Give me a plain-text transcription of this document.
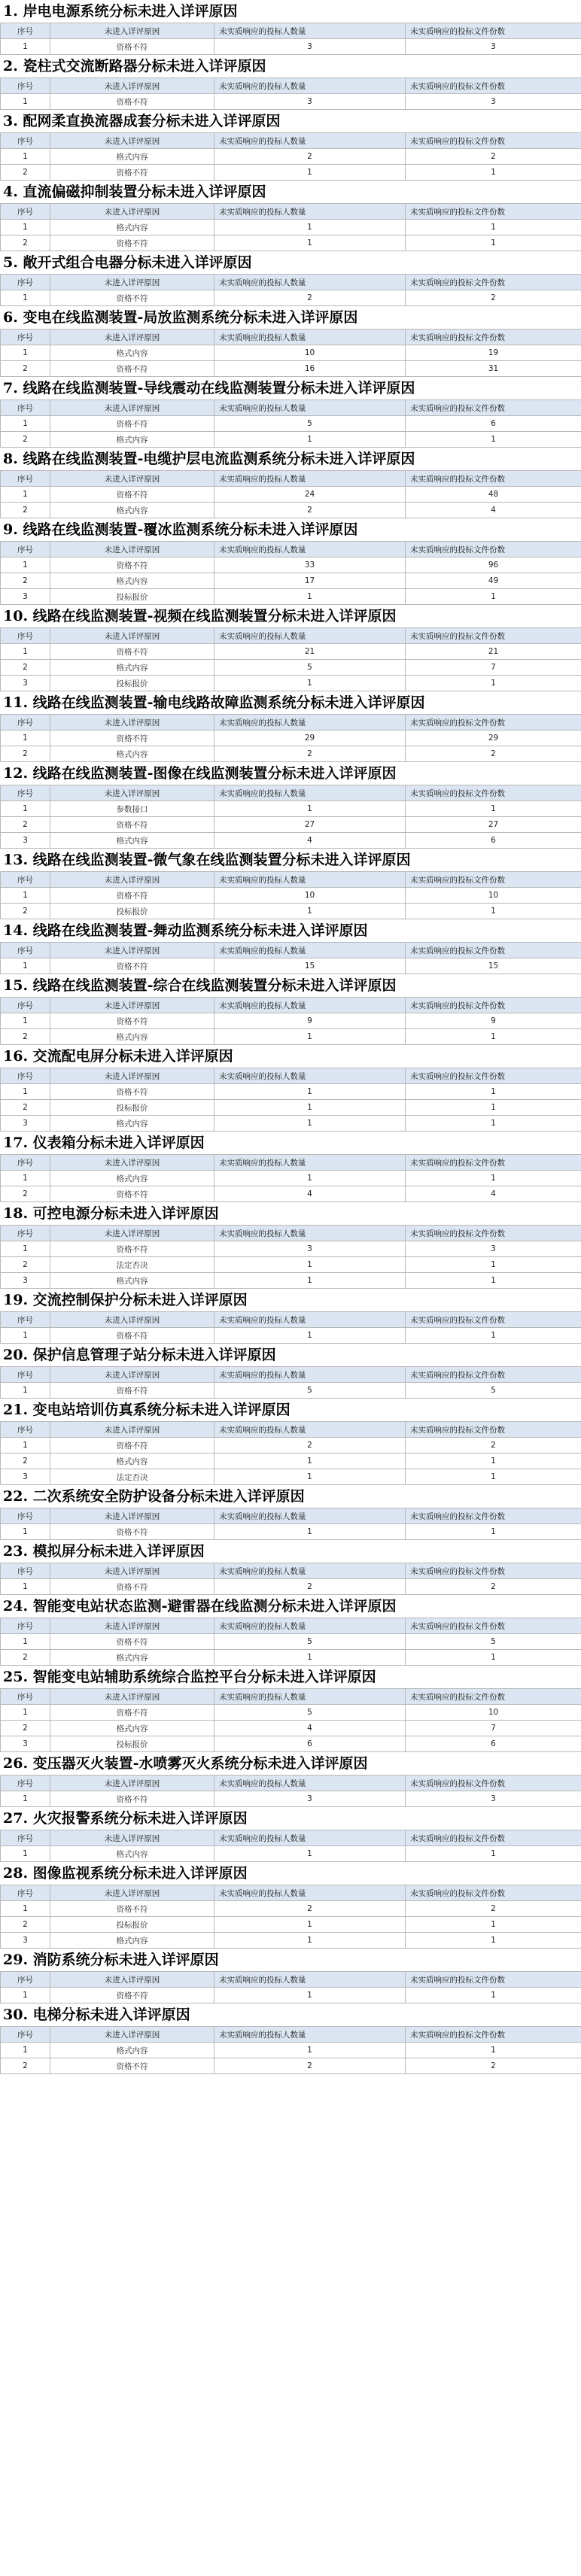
1. 岸电电源系统分标未进入详评原因
序号	未进入详评原因	未实质响应的投标人数量	未实质响应的投标文件份数
1	资格不符	3	3
2. 瓷柱式交流断路器分标未进入详评原因
序号	未进入详评原因	未实质响应的投标人数量	未实质响应的投标文件份数
1	资格不符	3	3
3. 配网柔直换流器成套分标未进入详评原因
序号	未进入详评原因	未实质响应的投标人数量	未实质响应的投标文件份数
1	格式内容	2	2
2	资格不符	1	1
4. 直流偏磁抑制装置分标未进入详评原因
序号	未进入详评原因	未实质响应的投标人数量	未实质响应的投标文件份数
1	格式内容	1	1
2	资格不符	1	1
5. 敞开式组合电器分标未进入详评原因
序号	未进入详评原因	未实质响应的投标人数量	未实质响应的投标文件份数
1	资格不符	2	2
6. 变电在线监测装置-局放监测系统分标未进入详评原因
序号	未进入详评原因	未实质响应的投标人数量	未实质响应的投标文件份数
1	格式内容	10	19
2	资格不符	16	31
7. 线路在线监测装置-导线震动在线监测装置分标未进入详评原因
序号	未进入详评原因	未实质响应的投标人数量	未实质响应的投标文件份数
1	资格不符	5	6
2	格式内容	1	1
8. 线路在线监测装置-电缆护层电流监测系统分标未进入详评原因
序号	未进入详评原因	未实质响应的投标人数量	未实质响应的投标文件份数
1	资格不符	24	48
2	格式内容	2	4
9. 线路在线监测装置-覆冰监测系统分标未进入详评原因
序号	未进入详评原因	未实质响应的投标人数量	未实质响应的投标文件份数
1	资格不符	33	96
2	格式内容	17	49
3	投标报价	1	1
10. 线路在线监测装置-视频在线监测装置分标未进入详评原因
序号	未进入详评原因	未实质响应的投标人数量	未实质响应的投标文件份数
1	资格不符	21	21
2	格式内容	5	7
3	投标报价	1	1
11. 线路在线监测装置-输电线路故障监测系统分标未进入详评原因
序号	未进入详评原因	未实质响应的投标人数量	未实质响应的投标文件份数
1	资格不符	29	29
2	格式内容	2	2
12. 线路在线监测装置-图像在线监测装置分标未进入详评原因
序号	未进入详评原因	未实质响应的投标人数量	未实质响应的投标文件份数
1	参数接口	1	1
2	资格不符	27	27
3	格式内容	4	6
13. 线路在线监测装置-微气象在线监测装置分标未进入详评原因
序号	未进入详评原因	未实质响应的投标人数量	未实质响应的投标文件份数
1	资格不符	10	10
2	投标报价	1	1
14. 线路在线监测装置-舞动监测系统分标未进入详评原因
序号	未进入详评原因	未实质响应的投标人数量	未实质响应的投标文件份数
1	资格不符	15	15
15. 线路在线监测装置-综合在线监测装置分标未进入详评原因
序号	未进入详评原因	未实质响应的投标人数量	未实质响应的投标文件份数
1	资格不符	9	9
2	格式内容	1	1
16. 交流配电屏分标未进入详评原因
序号	未进入详评原因	未实质响应的投标人数量	未实质响应的投标文件份数
1	资格不符	1	1
2	投标报价	1	1
3	格式内容	1	1
17. 仪表箱分标未进入详评原因
序号	未进入详评原因	未实质响应的投标人数量	未实质响应的投标文件份数
1	格式内容	1	1
2	资格不符	4	4
18. 可控电源分标未进入详评原因
序号	未进入详评原因	未实质响应的投标人数量	未实质响应的投标文件份数
1	资格不符	3	3
2	法定否决	1	1
3	格式内容	1	1
19. 交流控制保护分标未进入详评原因
序号	未进入详评原因	未实质响应的投标人数量	未实质响应的投标文件份数
1	资格不符	1	1
20. 保护信息管理子站分标未进入详评原因
序号	未进入详评原因	未实质响应的投标人数量	未实质响应的投标文件份数
1	资格不符	5	5
21. 变电站培训仿真系统分标未进入详评原因
序号	未进入详评原因	未实质响应的投标人数量	未实质响应的投标文件份数
1	资格不符	2	2
2	格式内容	1	1
3	法定否决	1	1
22. 二次系统安全防护设备分标未进入详评原因
序号	未进入详评原因	未实质响应的投标人数量	未实质响应的投标文件份数
1	资格不符	1	1
23. 模拟屏分标未进入详评原因
序号	未进入详评原因	未实质响应的投标人数量	未实质响应的投标文件份数
1	资格不符	2	2
24. 智能变电站状态监测-避雷器在线监测分标未进入详评原因
序号	未进入详评原因	未实质响应的投标人数量	未实质响应的投标文件份数
1	资格不符	5	5
2	格式内容	1	1
25. 智能变电站辅助系统综合监控平台分标未进入详评原因
序号	未进入详评原因	未实质响应的投标人数量	未实质响应的投标文件份数
1	资格不符	5	10
2	格式内容	4	7
3	投标报价	6	6
26. 变压器灭火装置-水喷雾灭火系统分标未进入详评原因
序号	未进入详评原因	未实质响应的投标人数量	未实质响应的投标文件份数
1	资格不符	3	3
27. 火灾报警系统分标未进入详评原因
序号	未进入详评原因	未实质响应的投标人数量	未实质响应的投标文件份数
1	格式内容	1	1
28. 图像监视系统分标未进入详评原因
序号	未进入详评原因	未实质响应的投标人数量	未实质响应的投标文件份数
1	资格不符	2	2
2	投标报价	1	1
3	格式内容	1	1
29. 消防系统分标未进入详评原因
序号	未进入详评原因	未实质响应的投标人数量	未实质响应的投标文件份数
1	资格不符	1	1
30. 电梯分标未进入详评原因
序号	未进入详评原因	未实质响应的投标人数量	未实质响应的投标文件份数
1	格式内容	1	1
2	资格不符	2	2
